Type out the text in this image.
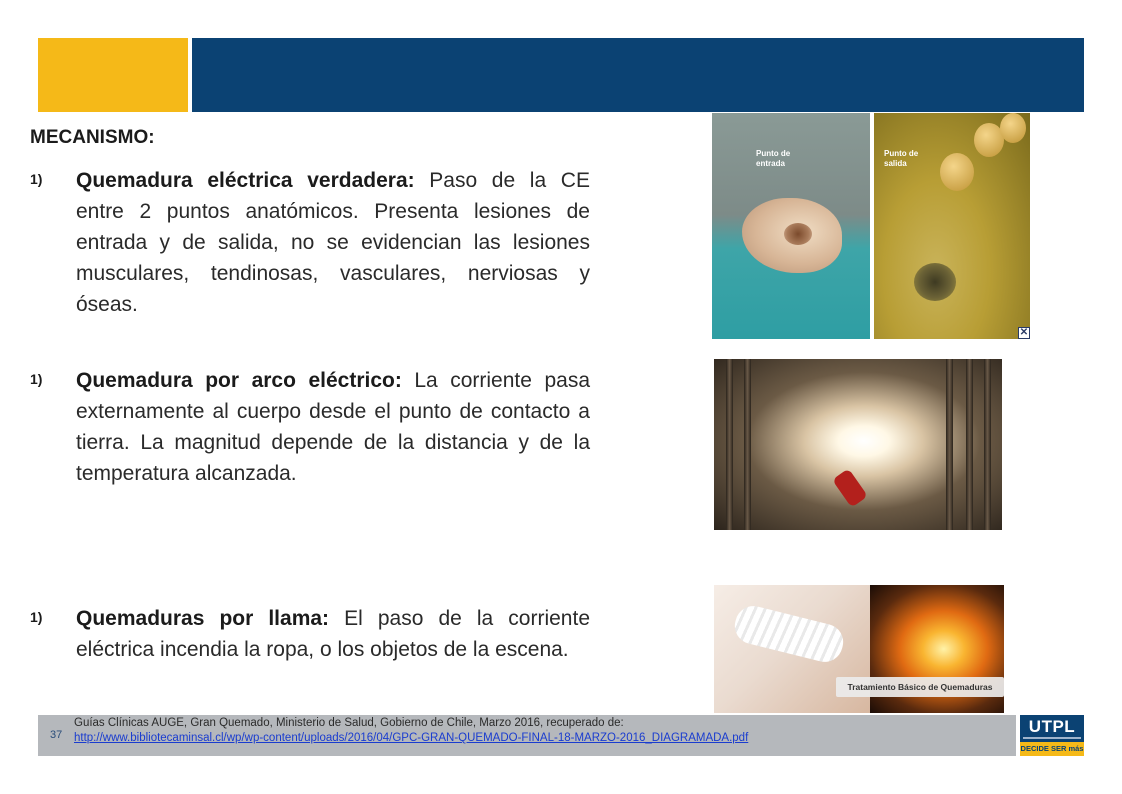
MECANISMO:
1) Quemadura eléctrica verdadera: Paso de la CE entre 2 puntos anatómicos. Presenta lesiones de entrada y de salida, no se evidencian las lesiones musculares, tendinosas, vasculares, nerviosas y óseas.

1) Quemadura por arco eléctrico: La corriente pasa externamente al cuerpo desde el punto de contacto a tierra. La magnitud depende de la distancia y de la temperatura alcanzada.

1) Quemaduras por llama: El paso de la corriente eléctrica incendia la ropa, o los objetos de la escena.

Punto de entrada
Punto de salida
✕
Tratamiento Básico de Quemaduras
37
Guías Clínicas AUGE, Gran Quemado, Ministerio de Salud, Gobierno de Chile, Marzo 2016, recuperado de:
http://www.bibliotecaminsal.cl/wp/wp-content/uploads/2016/04/GPC-GRAN-QUEMADO-FINAL-18-MARZO-2016_DIAGRAMADA.pdf
UTPL
DECIDE SER más
